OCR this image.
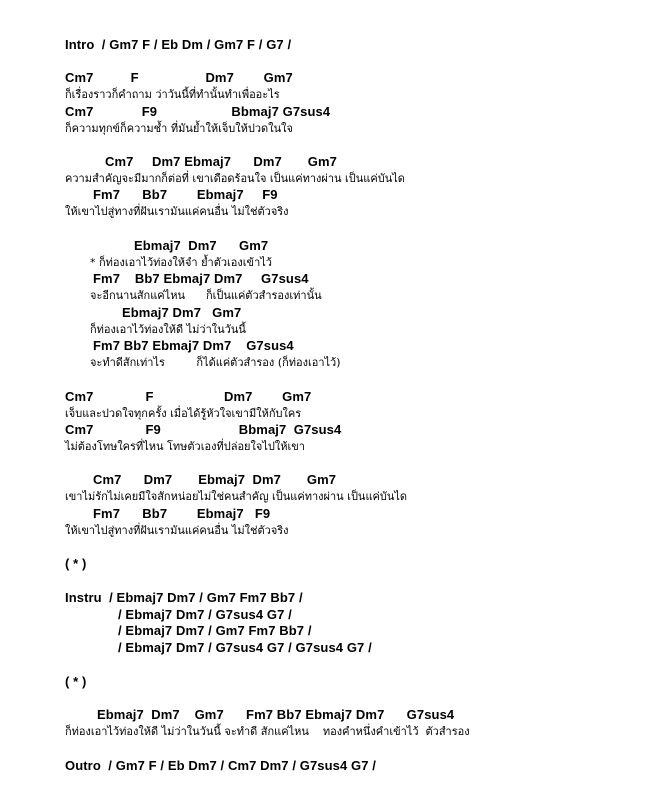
Intro  / Gm7 F / Eb Dm / Gm7 F / G7 /
Cm7          F                  Dm7        Gm7
ก็เรื่องราวก็คำถาม ว่าวันนี้ที่ทำนั้นทำเพื่ออะไร
Cm7             F9                    Bbmaj7 G7sus4
ก็ความทุกข์ก็ความช้ำ ที่มันย้ำให้เจ็บให้ปวดในใจ
Cm7     Dm7 Ebmaj7      Dm7       Gm7
ความสำคัญจะมีมากก็ต่อที่ เขาเดือดร้อนใจ เป็นแค่ทางผ่าน เป็นแค่บันได
Fm7      Bb7        Ebmaj7     F9
ให้เขาไปสู่ทางที่ฝันเรามันแค่คนอื่น ไม่ใช่ตัวจริง
Ebmaj7  Dm7      Gm7
* ก็ท่องเอาไว้ท่องให้จำ ย้ำตัวเองเข้าไว้
Fm7    Bb7 Ebmaj7 Dm7     G7sus4
จะอีกนานสักแค่ไหน      ก็เป็นแค่ตัวสำรองเท่านั้น
Ebmaj7 Dm7   Gm7
ก็ท่องเอาไว้ท่องให้ดี ไม่ว่าในวันนี้
Fm7 Bb7 Ebmaj7 Dm7    G7sus4
จะทำดีสักเท่าไร         ก็ได้แค่ตัวสำรอง (ก็ท่องเอาไว้)
Cm7              F                   Dm7        Gm7
เจ็บและปวดใจทุกครั้ง เมื่อได้รู้หัวใจเขามีให้กับใคร
Cm7              F9                     Bbmaj7  G7sus4
ไม่ต้องโทษใครที่ไหน โทษตัวเองที่ปล่อยใจไปให้เขา
Cm7      Dm7       Ebmaj7  Dm7       Gm7
เขาไม่รักไม่เคยมีใจสักหน่อยไม่ใช่คนสำคัญ เป็นแค่ทางผ่าน เป็นแค่บันได
Fm7      Bb7        Ebmaj7   F9
ให้เขาไปสู่ทางที่ฝันเรามันแค่คนอื่น ไม่ใช่ตัวจริง
( * )
Instru  / Ebmaj7 Dm7 / Gm7 Fm7 Bb7 /
/ Ebmaj7 Dm7 / G7sus4 G7 /
/ Ebmaj7 Dm7 / Gm7 Fm7 Bb7 /
/ Ebmaj7 Dm7 / G7sus4 G7 / G7sus4 G7 /
( * )
Ebmaj7  Dm7    Gm7      Fm7 Bb7 Ebmaj7 Dm7      G7sus4
ก็ท่องเอาไว้ท่องให้ดี ไม่ว่าในวันนี้ จะทำดี สักแค่ไหน    ทองคำหนึ่งคำเข้าไว้  ตัวสำรอง
Outro  / Gm7 F / Eb Dm7 / Cm7 Dm7 / G7sus4 G7 /
